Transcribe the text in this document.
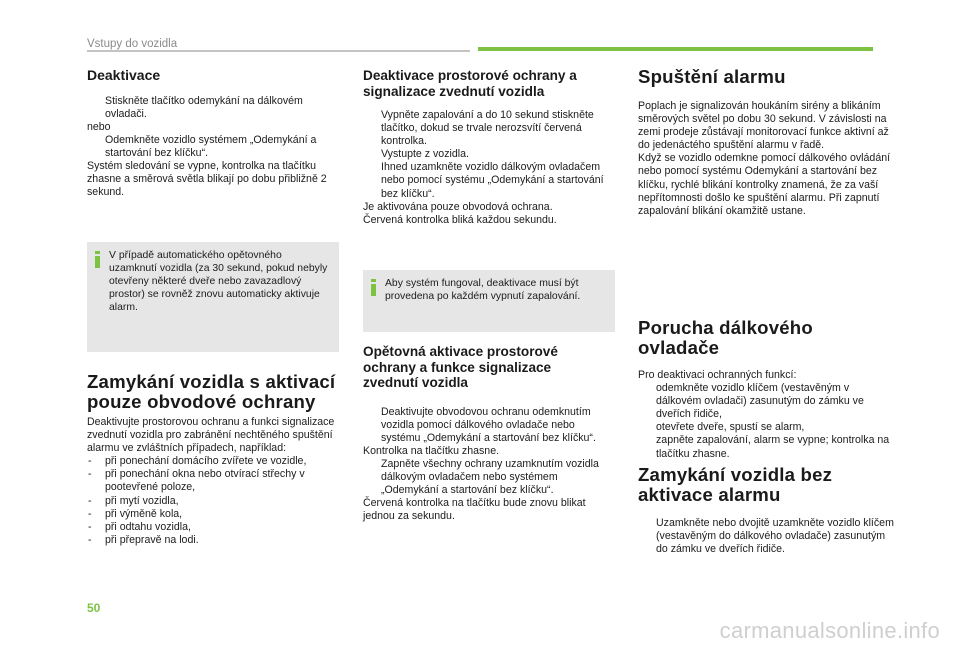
Vstupy do vozidla

Deaktivace

Stiskněte tlačítko odemykání na dálkovém ovladači.

nebo

Odemkněte vozidlo systémem „Odemykání a startování bez klíčku“.

Systém sledování se vypne, kontrolka na tlačítku zhasne a směrová světla blikají po dobu přibližně 2 sekund.

V případě automatického opětovného uzamknutí vozidla (za 30 sekund, pokud nebyly otevřeny některé dveře nebo zavazadlový prostor) se rovněž znovu automaticky aktivuje alarm.

Zamykání vozidla s aktivací pouze obvodové ochrany

Deaktivujte prostorovou ochranu a funkci signalizace zvednutí vozidla pro zabránění nechtěného spuštění alarmu ve zvláštních případech, například:

- při ponechání domácího zvířete ve vozidle,

- při ponechání okna nebo otvírací střechy v pootevřené poloze,

- při mytí vozidla,

- při výměně kola,

- při odtahu vozidla,

- při přepravě na lodi.

Deaktivace prostorové ochrany a signalizace zvednutí vozidla

Vypněte zapalování a do 10 sekund stiskněte tlačítko, dokud se trvale nerozsvítí červená kontrolka.

Vystupte z vozidla.

Ihned uzamkněte vozidlo dálkovým ovladačem nebo pomocí systému „Odemykání a startování bez klíčku“.

Je aktivována pouze obvodová ochrana.

Červená kontrolka bliká každou sekundu.

Aby systém fungoval, deaktivace musí být provedena po každém vypnutí zapalování.

Opětovná aktivace prostorové ochrany a funkce signalizace zvednutí vozidla

Deaktivujte obvodovou ochranu odemknutím vozidla pomocí dálkového ovladače nebo systému „Odemykání a startování bez klíčku“.

Kontrolka na tlačítku zhasne.

Zapněte všechny ochrany uzamknutím vozidla dálkovým ovladačem nebo systémem „Odemykání a startování bez klíčku“.

Červená kontrolka na tlačítku bude znovu blikat jednou za sekundu.

Spuštění alarmu

Poplach je signalizován houkáním sirény a blikáním směrových světel po dobu 30 sekund. V závislosti na zemi prodeje zůstávají monitorovací funkce aktivní až do jedenáctého spuštění alarmu v řadě.

Když se vozidlo odemkne pomocí dálkového ovládání nebo pomocí systému Odemykání a startování bez klíčku, rychlé blikání kontrolky znamená, že za vaší nepřítomnosti došlo ke spuštění alarmu. Při zapnutí zapalování blikání okamžitě ustane.

Porucha dálkového ovladače

Pro deaktivaci ochranných funkcí:

odemkněte vozidlo klíčem (vestavěným v dálkovém ovladači) zasunutým do zámku ve dveřích řidiče,

otevřete dveře, spustí se alarm,

zapněte zapalování, alarm se vypne; kontrolka na tlačítku zhasne.

Zamykání vozidla bez aktivace alarmu

Uzamkněte nebo dvojitě uzamkněte vozidlo klíčem (vestavěným do dálkového ovladače) zasunutým do zámku ve dveřích řidiče.

50
carmanualsonline.info
